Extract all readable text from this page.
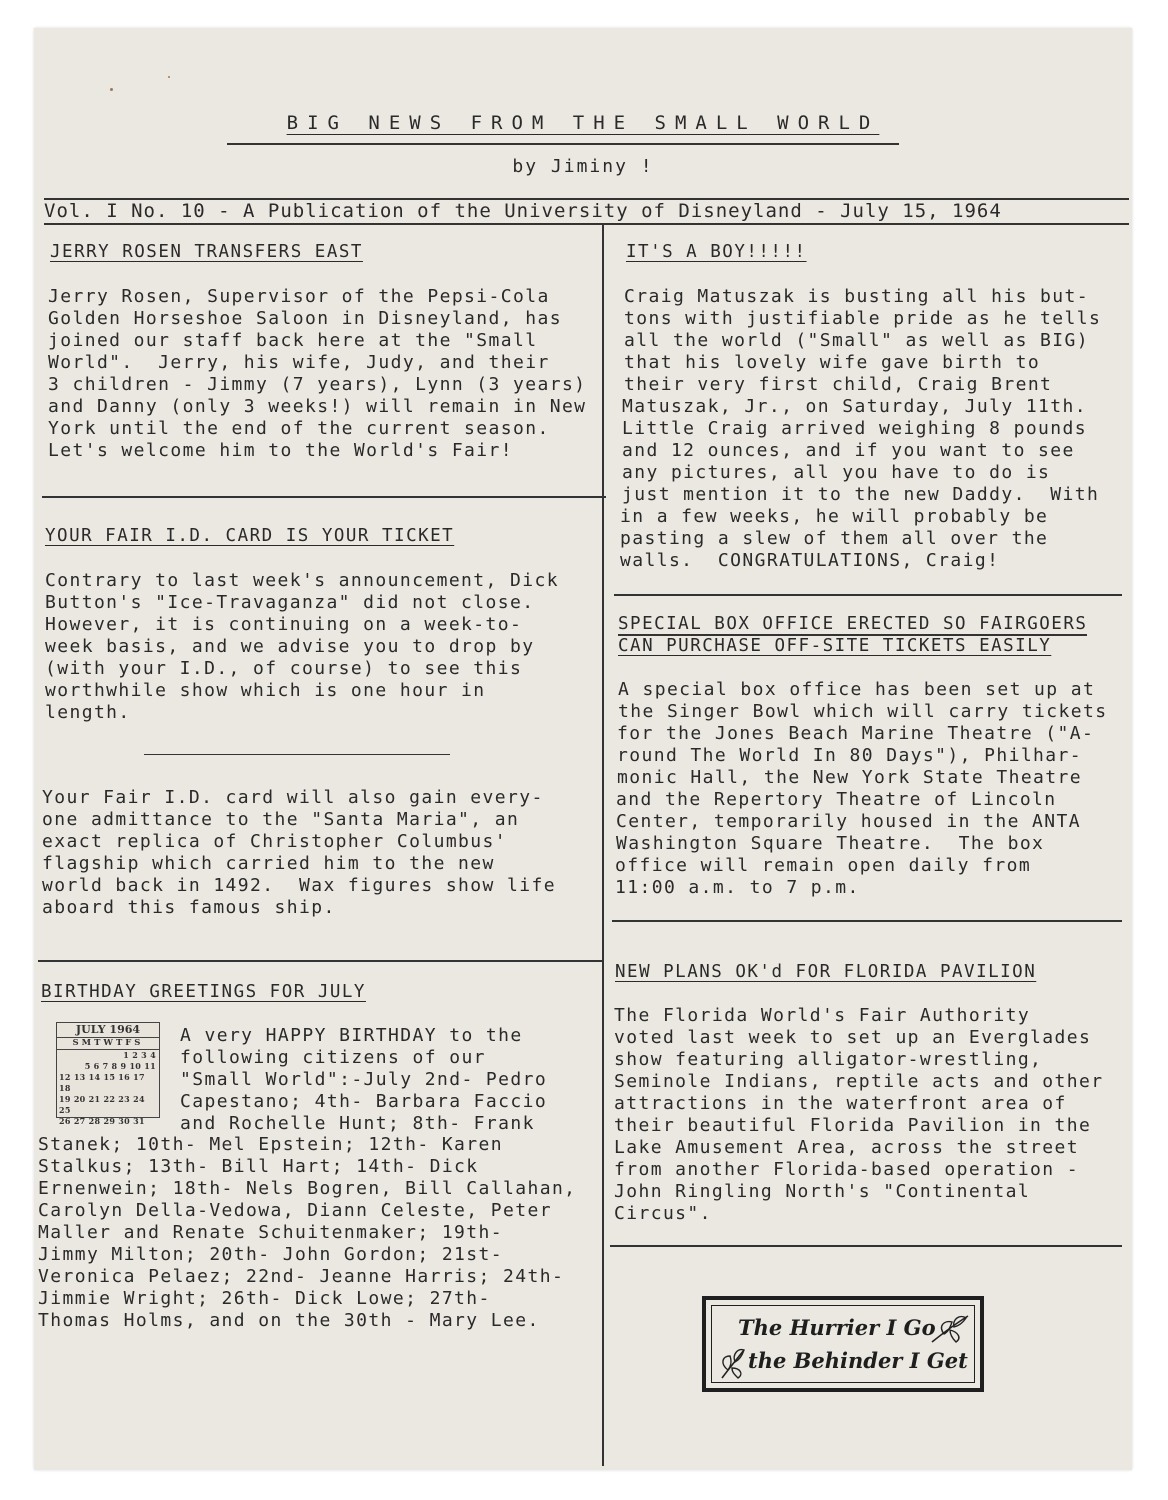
BIG NEWS FROM THE SMALL WORLD
by Jiminy !
Vol. I No. 10 - A Publication of the University of Disneyland - July 15, 1964
JERRY ROSEN TRANSFERS EAST
Jerry Rosen, Supervisor of the Pepsi-Cola
Golden Horseshoe Saloon in Disneyland, has
joined our staff back here at the "Small
World".  Jerry, his wife, Judy, and their
3 children - Jimmy (7 years), Lynn (3 years)
and Danny (only 3 weeks!) will remain in New
York until the end of the current season.
Let's welcome him to the World's Fair!
YOUR FAIR I.D. CARD IS YOUR TICKET
Contrary to last week's announcement, Dick
Button's "Ice-Travaganza" did not close.
However, it is continuing on a week-to-
week basis, and we advise you to drop by
(with your I.D., of course) to see this
worthwhile show which is one hour in
length.
Your Fair I.D. card will also gain every-
one admittance to the "Santa Maria", an
exact replica of Christopher Columbus'
flagship which carried him to the new
world back in 1492.  Wax figures show life
aboard this famous ship.
BIRTHDAY GREETINGS FOR JULY
JULY 1964
SMTWTFS
1 2 3 4
5 6 7 8 9 10 11
12 13 14 15 16 17 18
19 20 21 22 23 24 25
26 27 28 29 30 31
A very HAPPY BIRTHDAY to the
following citizens of our
"Small World":-July 2nd- Pedro
Capestano; 4th- Barbara Faccio
and Rochelle Hunt; 8th- Frank
Stanek; 10th- Mel Epstein; 12th- Karen
Stalkus; 13th- Bill Hart; 14th- Dick
Ernenwein; 18th- Nels Bogren, Bill Callahan,
Carolyn Della-Vedowa, Diann Celeste, Peter
Maller and Renate Schuitenmaker; 19th-
Jimmy Milton; 20th- John Gordon; 21st-
Veronica Pelaez; 22nd- Jeanne Harris; 24th-
Jimmie Wright; 26th- Dick Lowe; 27th-
Thomas Holms, and on the 30th - Mary Lee.
IT'S A BOY!!!!!
Craig Matuszak is busting all his but-
tons with justifiable pride as he tells
all the world ("Small" as well as BIG)
that his lovely wife gave birth to
their very first child, Craig Brent
Matuszak, Jr., on Saturday, July 11th.
Little Craig arrived weighing 8 pounds
and 12 ounces, and if you want to see
any pictures, all you have to do is
just mention it to the new Daddy.  With
in a few weeks, he will probably be
pasting a slew of them all over the
walls.  CONGRATULATIONS, Craig!
SPECIAL BOX OFFICE ERECTED SO FAIRGOERS
CAN PURCHASE OFF-SITE TICKETS EASILY
A special box office has been set up at
the Singer Bowl which will carry tickets
for the Jones Beach Marine Theatre ("A-
round The World In 80 Days"), Philhar-
monic Hall, the New York State Theatre
and the Repertory Theatre of Lincoln
Center, temporarily housed in the ANTA
Washington Square Theatre.  The box
office will remain open daily from
11:00 a.m. to 7 p.m.
NEW PLANS OK'd FOR FLORIDA PAVILION
The Florida World's Fair Authority
voted last week to set up an Everglades
show featuring alligator-wrestling,
Seminole Indians, reptile acts and other
attractions in the waterfront area of
their beautiful Florida Pavilion in the
Lake Amusement Area, across the street
from another Florida-based operation -
John Ringling North's "Continental
Circus".
The Hurrier I Go
the Behinder I Get
